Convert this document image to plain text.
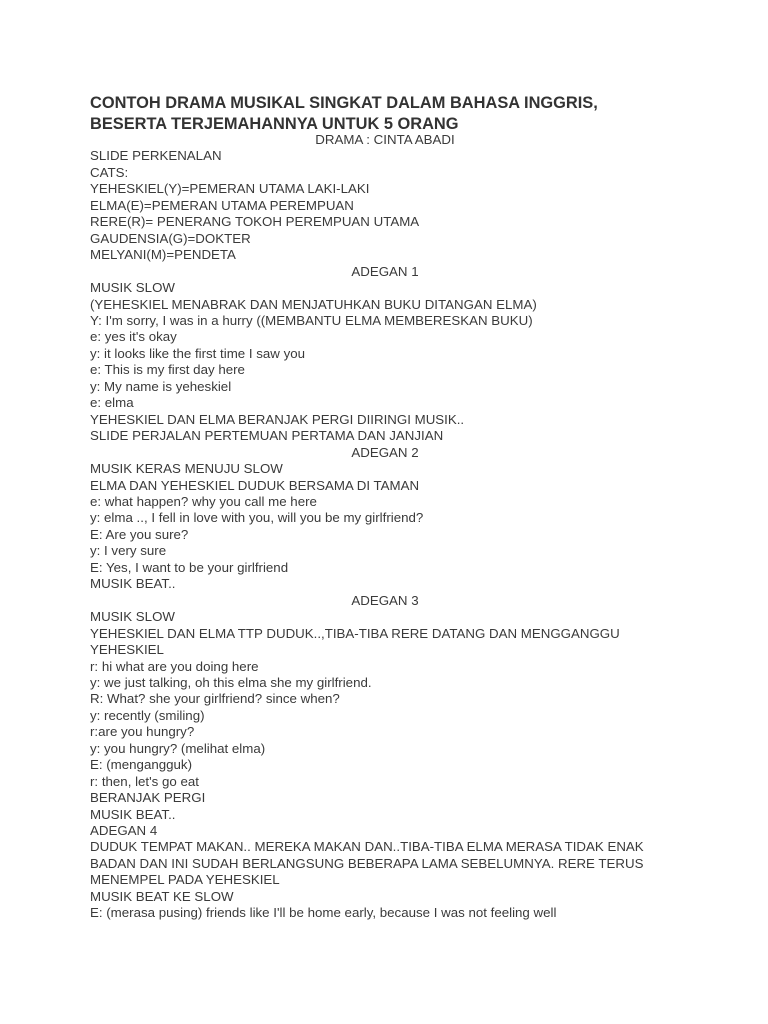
CONTOH DRAMA MUSIKAL SINGKAT DALAM BAHASA INGGRIS,
BESERTA TERJEMAHANNYA UNTUK 5 ORANG
DRAMA : CINTA ABADI
SLIDE PERKENALAN
CATS:
YEHESKIEL(Y)=PEMERAN UTAMA LAKI-LAKI
ELMA(E)=PEMERAN UTAMA PEREMPUAN
RERE(R)= PENERANG TOKOH PEREMPUAN UTAMA
GAUDENSIA(G)=DOKTER
MELYANI(M)=PENDETA
ADEGAN 1
MUSIK SLOW
(YEHESKIEL MENABRAK DAN MENJATUHKAN BUKU DITANGAN ELMA)
Y: I'm sorry, I was in a hurry ((MEMBANTU ELMA MEMBERESKAN BUKU)
e: yes it's okay
y: it looks like the first time I saw you
e: This is my first day here
y: My name is yeheskiel
e: elma
YEHESKIEL DAN ELMA BERANJAK PERGI DIIRINGI MUSIK..
SLIDE PERJALAN PERTEMUAN PERTAMA DAN JANJIAN
ADEGAN 2
MUSIK KERAS MENUJU SLOW
ELMA DAN YEHESKIEL DUDUK BERSAMA DI TAMAN
e: what happen? why you call me here
y: elma .., I fell in love with you, will you be my girlfriend?
E: Are you sure?
y: I very sure
E: Yes, I want to be your girlfriend
MUSIK BEAT..
ADEGAN 3
MUSIK SLOW
YEHESKIEL DAN ELMA TTP DUDUK..,TIBA-TIBA RERE DATANG DAN MENGGANGGU
YEHESKIEL
r: hi what are you doing here
y: we just talking, oh this elma she my girlfriend.
R: What? she your girlfriend? since when?
y: recently (smiling)
r:are you hungry?
y: you hungry? (melihat elma)
E: (mengangguk)
r: then, let's go eat
BERANJAK PERGI
MUSIK BEAT..
ADEGAN 4
DUDUK TEMPAT MAKAN.. MEREKA MAKAN DAN..TIBA-TIBA ELMA MERASA TIDAK ENAK
BADAN DAN INI SUDAH BERLANGSUNG BEBERAPA LAMA SEBELUMNYA. RERE TERUS
MENEMPEL PADA YEHESKIEL
MUSIK BEAT KE SLOW
E: (merasa pusing) friends like I'll be home early, because I was not feeling well
